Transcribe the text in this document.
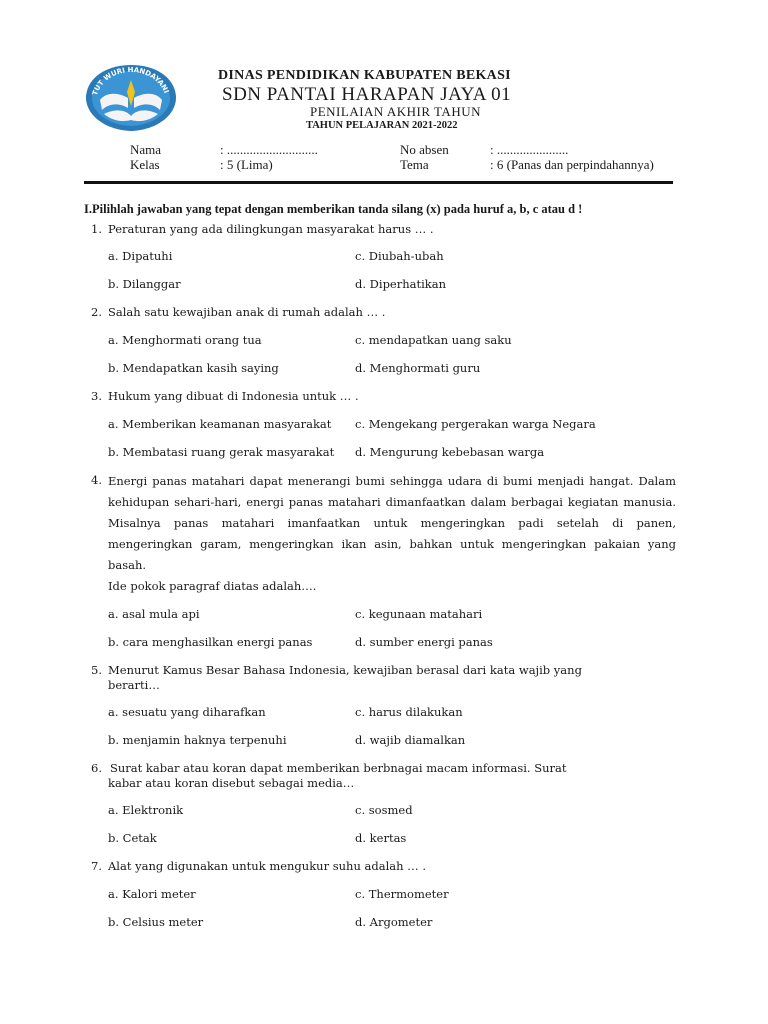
TUT WURI HANDAYANI
DINAS PENDIDIKAN KABUPATEN BEKASI
SDN PANTAI HARAPAN JAYA 01
PENILAIAN AKHIR TAHUN
TAHUN PELAJARAN 2021-2022
Nama	: ............................	No absen	: ......................
Kelas	: 5 (Lima)	Tema	: 6 (Panas dan perpindahannya)
I.Pilihlah jawaban yang tepat dengan memberikan tanda silang (x) pada huruf a, b, c atau d !
1. Peraturan yang ada dilingkungan masyarakat harus … .
a. Dipatuhi	c. Diubah-ubah
b. Dilanggar	d. Diperhatikan
2. Salah satu kewajiban anak di rumah adalah … .
a. Menghormati orang tua	c. mendapatkan uang saku
b. Mendapatkan kasih saying	d. Menghormati guru
3. Hukum yang dibuat di Indonesia untuk … .
a. Memberikan keamanan masyarakat c. Mengekang pergerakan warga Negara
b. Membatasi ruang gerak masyarakat d. Mengurung kebebasan warga
4. Energi panas matahari dapat menerangi bumi sehingga udara di bumi menjadi hangat. Dalam kehidupan sehari-hari, energi panas matahari dimanfaatkan dalam berbagai kegiatan manusia. Misalnya panas matahari imanfaatkan untuk mengeringkan padi setelah di panen, mengeringkan garam, mengeringkan ikan asin, bahkan untuk mengeringkan pakaian yang basah.
Ide pokok paragraf diatas adalah….
a. asal mula api	c. kegunaan matahari
b. cara menghasilkan energi panas	d. sumber energi panas
5. Menurut Kamus Besar Bahasa Indonesia, kewajiban berasal dari kata wajib yang
berarti…
a. sesuatu yang diharafkan	c. harus dilakukan
b. menjamin haknya terpenuhi	d. wajib diamalkan
6. Surat kabar atau koran dapat memberikan berbnagai macam informasi. Surat
kabar atau koran disebut sebagai media…
a. Elektronik	c. sosmed
b. Cetak	d. kertas
7. Alat yang digunakan untuk mengukur suhu adalah … .
a. Kalori meter	c. Thermometer
b. Celsius meter	d. Argometer
